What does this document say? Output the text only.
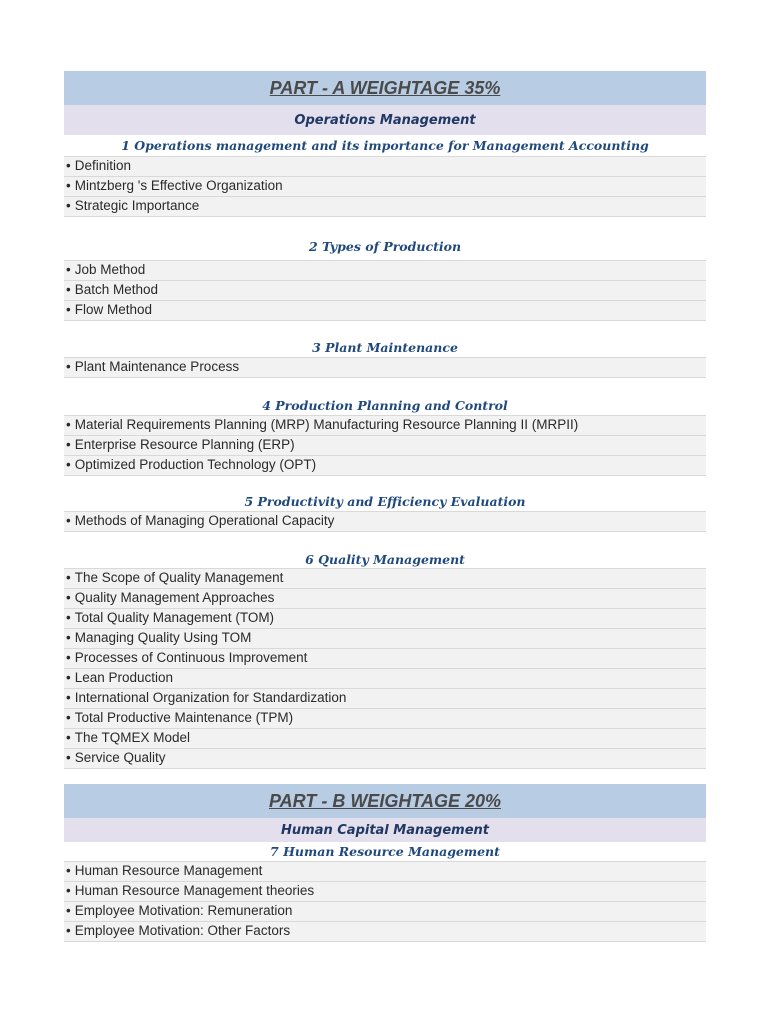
PART - A WEIGHTAGE 35%
Operations Management
1 Operations management and its importance for Management Accounting
• Definition
• Mintzberg 's Effective Organization
• Strategic Importance
2 Types of Production
• Job Method
• Batch Method
• Flow Method
3 Plant Maintenance
• Plant Maintenance Process
4 Production Planning and Control
• Material Requirements Planning (MRP) Manufacturing Resource Planning II (MRPII)
• Enterprise Resource Planning (ERP)
• Optimized Production Technology (OPT)
5 Productivity and Efficiency Evaluation
• Methods of Managing Operational Capacity
6 Quality Management
• The Scope of Quality Management
• Quality Management Approaches
• Total Quality Management (TOM)
• Managing Quality Using TOM
• Processes of Continuous Improvement
• Lean Production
• International Organization for Standardization
• Total Productive Maintenance (TPM)
• The TQMEX Model
• Service Quality
PART - B WEIGHTAGE 20%
Human Capital Management
7 Human Resource Management
• Human Resource Management
• Human Resource Management theories
• Employee Motivation: Remuneration
• Employee Motivation: Other Factors
